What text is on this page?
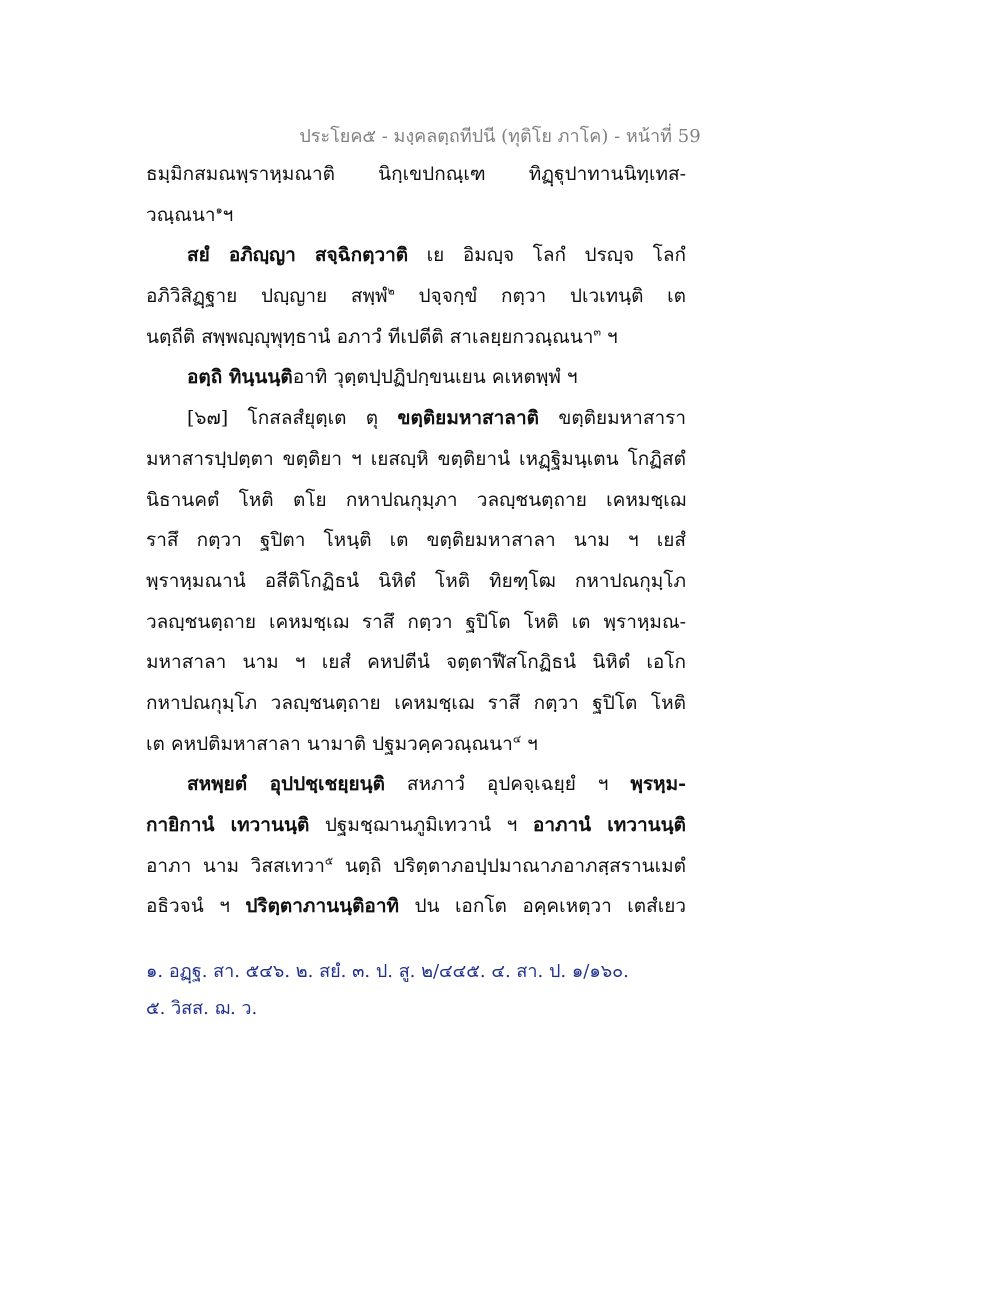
ประโยค๕ - มงฺคลตฺถทีปนี (ทุติโย ภาโค) - หน้าที่ 59
ธมฺมิกสมณพฺราหฺมณาติ นิกฺเขปกณฺเฑ ทิฏฺฐุปาทานนิทฺเทส-
วณฺณนา$^๑$ฯ
สยํ อภิญฺญา สจฺฉิกตฺวาติ เย อิมญฺจ โลกํ ปรญฺจ โลกํ
อภิวิสิฏฺฐาย ปญฺญาย สพฺพํ$^๒$ ปจฺจกฺขํ กตฺวา ปเวเทนฺติ เต
นตฺถีติ สพฺพญฺญุพุทฺธานํ อภาวํ ทีเปตีติ สาเลยฺยกวณฺณนา$^๓$ ฯ
อตฺถิ ทินฺนนฺติอาทิ วุตฺตปฺปฏิปกฺขนเยน คเหตพฺพํ ฯ
[๖๗] โกสลสํยุตฺเต ตุ ขตฺติยมหาสาลาติ ขตฺติยมหาสารา
มหาสารปฺปตฺตา ขตฺติยา ฯ เยสญฺหิ ขตฺติยานํ เหฏฺฐิมนฺเตน โกฏิสตํ
นิธานคตํ โหติ ตโย กหาปณกุมฺภา วลญฺชนตฺถาย เคหมชฺเฌ
ราสึ กตฺวา ฐปิตา โหนฺติ เต ขตฺติยมหาสาลา นาม ฯ เยสํ
พฺราหฺมณานํ อสีติโกฏิธนํ นิหิตํ โหติ ทิยฑฺโฒ กหาปณกุมฺโภ
วลญฺชนตฺถาย เคหมชฺเฌ ราสึ กตฺวา ฐปิโต โหติ เต พฺราหฺมณ-
มหาสาลา นาม ฯ เยสํ คหปตีนํ จตฺตาฬีสโกฏิธนํ นิหิตํ เอโก
กหาปณกุมฺโภ วลญฺชนตฺถาย เคหมชฺเฌ ราสึ กตฺวา ฐปิโต โหติ
เต คหปติมหาสาลา นามาติ ปฐมวคฺควณฺณนา$^๔$ ฯ
สหพฺยตํ อุปปชฺเชยฺยนฺติ สหภาวํ อุปคจฺเฉยฺยํ ฯ พฺรหฺม-
กายิกานํ เทวานนฺติ ปฐมชฺฌานภูมิเทวานํ ฯ อาภานํ เทวานนฺติ
อาภา นาม วิสสเทวา$^๕$ นตฺถิ ปริตฺตาภอปฺปมาณาภอาภสฺสรานเมตํ
อธิวจนํ ฯ ปริตฺตาภานนฺติอาทิ ปน เอกโต อคฺคเหตฺวา เตสํเยว
๑. อฏฺฐ. สา. ๕๔๖. ๒. สยํ. ๓. ป. สู. ๒/๔๔๕. ๔. สา. ป. ๑/๑๖๐.
๕. วิสส. ฌ. ว.
